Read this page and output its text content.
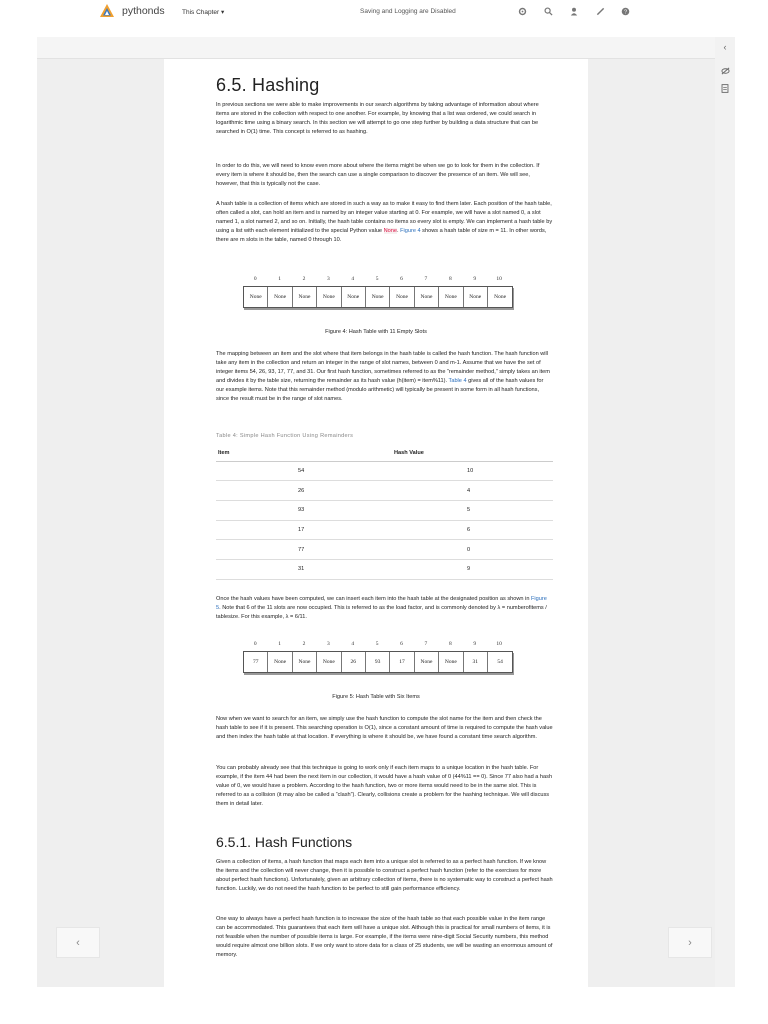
pythonds	This Chapter ▾	Saving and Logging are Disabled	?
‹
‹	›
6.5. Hashing

In previous sections we were able to make improvements in our search algorithms by taking advantage of information about where items are stored in the collection with respect to one another. For example, by knowing that a list was ordered, we could search in logarithmic time using a binary search. In this section we will attempt to go one step further by building a data structure that can be searched in O(1) time. This concept is referred to as hashing.

In order to do this, we will need to know even more about where the items might be when we go to look for them in the collection. If every item is where it should be, then the search can use a single comparison to discover the presence of an item. We will see, however, that this is typically not the case.

A hash table is a collection of items which are stored in such a way as to make it easy to find them later. Each position of the hash table, often called a slot, can hold an item and is named by an integer value starting at 0. For example, we will have a slot named 0, a slot named 1, a slot named 2, and so on. Initially, the hash table contains no items so every slot is empty. We can implement a hash table by using a list with each element initialized to the special Python value None. Figure 4 shows a hash table of size m = 11. In other words, there are m slots in the table, named 0 through 10.

0	1	2	3	4	5	6	7	8	9	10
None	None	None	None	None	None	None	None	None	None	None
Figure 4: Hash Table with 11 Empty Slots

The mapping between an item and the slot where that item belongs in the hash table is called the hash function. The hash function will take any item in the collection and return an integer in the range of slot names, between 0 and m-1. Assume that we have the set of integer items 54, 26, 93, 17, 77, and 31. Our first hash function, sometimes referred to as the “remainder method,” simply takes an item and divides it by the table size, returning the remainder as its hash value (h(item) = item%11). Table 4 gives all of the hash values for our example items. Note that this remainder method (modulo arithmetic) will typically be present in some form in all hash functions, since the result must be in the range of slot names.

Table 4: Simple Hash Function Using Remainders
Item	Hash Value
54	10
26	4
93	5
17	6
77	0
31	9

Once the hash values have been computed, we can insert each item into the hash table at the designated position as shown in Figure 5. Note that 6 of the 11 slots are now occupied. This is referred to as the load factor, and is commonly denoted by λ = numberofitems / tablesize. For this example, λ = 6/11.

0	1	2	3	4	5	6	7	8	9	10
77	None	None	None	26	93	17	None	None	31	54
Figure 5: Hash Table with Six Items

Now when we want to search for an item, we simply use the hash function to compute the slot name for the item and then check the hash table to see if it is present. This searching operation is O(1), since a constant amount of time is required to compute the hash value and then index the hash table at that location. If everything is where it should be, we have found a constant time search algorithm.

You can probably already see that this technique is going to work only if each item maps to a unique location in the hash table. For example, if the item 44 had been the next item in our collection, it would have a hash value of 0 (44%11 == 0). Since 77 also had a hash value of 0, we would have a problem. According to the hash function, two or more items would need to be in the same slot. This is referred to as a collision (it may also be called a “clash”). Clearly, collisions create a problem for the hashing technique. We will discuss them in detail later.

6.5.1. Hash Functions

Given a collection of items, a hash function that maps each item into a unique slot is referred to as a perfect hash function. If we know the items and the collection will never change, then it is possible to construct a perfect hash function (refer to the exercises for more about perfect hash functions). Unfortunately, given an arbitrary collection of items, there is no systematic way to construct a perfect hash function. Luckily, we do not need the hash function to be perfect to still gain performance efficiency.

One way to always have a perfect hash function is to increase the size of the hash table so that each possible value in the item range can be accommodated. This guarantees that each item will have a unique slot. Although this is practical for small numbers of items, it is not feasible when the number of possible items is large. For example, if the items were nine-digit Social Security numbers, this method would require almost one billion slots. If we only want to store data for a class of 25 students, we will be wasting an enormous amount of memory.
